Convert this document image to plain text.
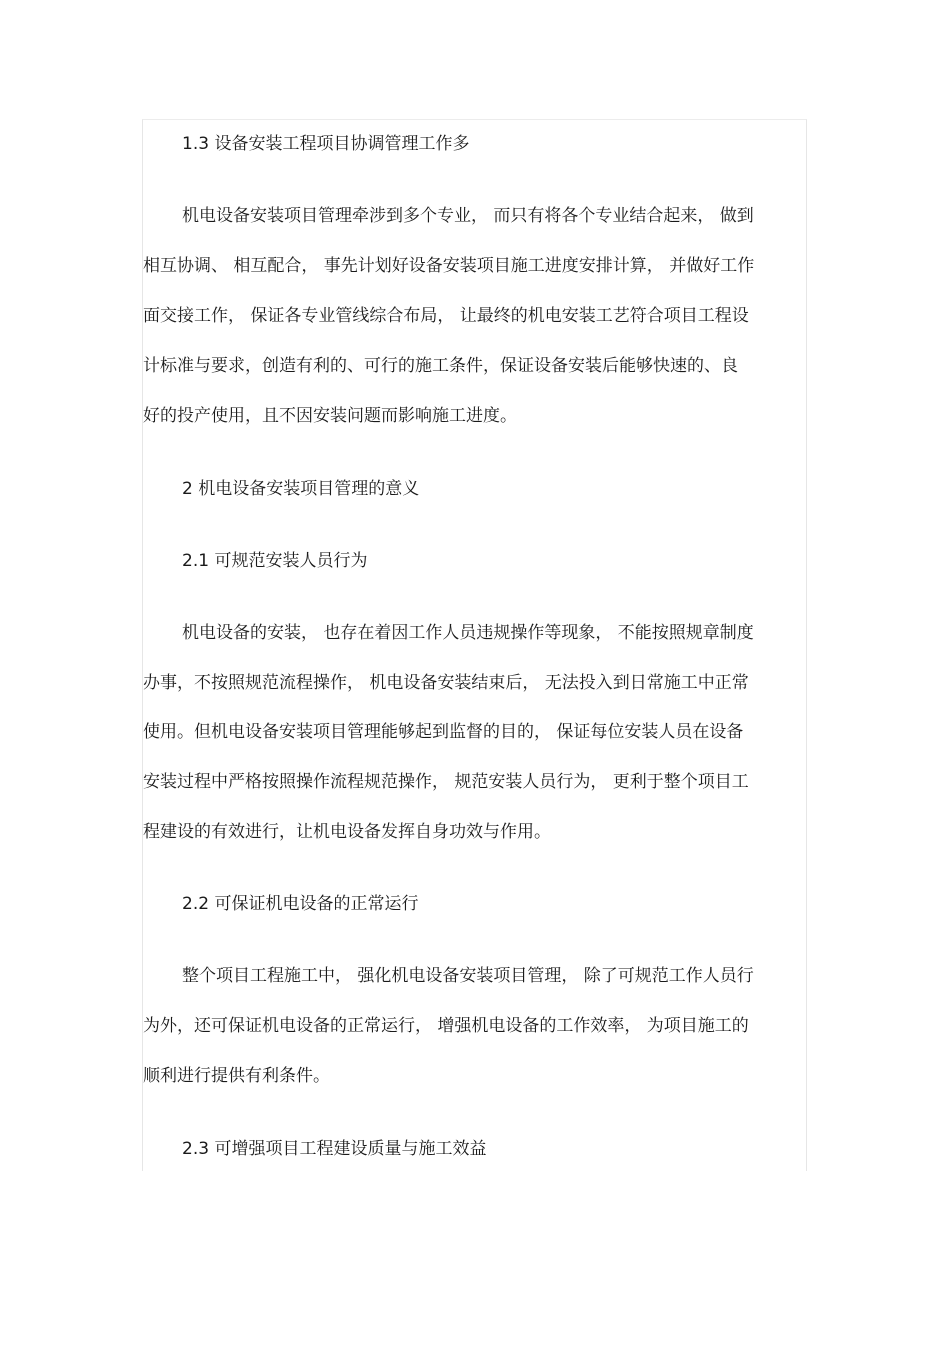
1.3 设备安装工程项目协调管理工作多
机电设备安装项目管理牵涉到多个专业， 而只有将各个专业结合起来， 做到
相互协调、 相互配合， 事先计划好设备安装项目施工进度安排计算， 并做好工作
面交接工作， 保证各专业管线综合布局， 让最终的机电安装工艺符合项目工程设
计标准与要求，创造有利的、可行的施工条件，保证设备安装后能够快速的、良
好的投产使用，且不因安装问题而影响施工进度。
2 机电设备安装项目管理的意义
2.1 可规范安装人员行为
机电设备的安装， 也存在着因工作人员违规操作等现象， 不能按照规章制度
办事，不按照规范流程操作， 机电设备安装结束后， 无法投入到日常施工中正常
使用。但机电设备安装项目管理能够起到监督的目的， 保证每位安装人员在设备
安装过程中严格按照操作流程规范操作， 规范安装人员行为， 更利于整个项目工
程建设的有效进行，让机电设备发挥自身功效与作用。
2.2 可保证机电设备的正常运行
整个项目工程施工中， 强化机电设备安装项目管理， 除了可规范工作人员行
为外，还可保证机电设备的正常运行， 增强机电设备的工作效率， 为项目施工的
顺利进行提供有利条件。
2.3 可增强项目工程建设质量与施工效益
